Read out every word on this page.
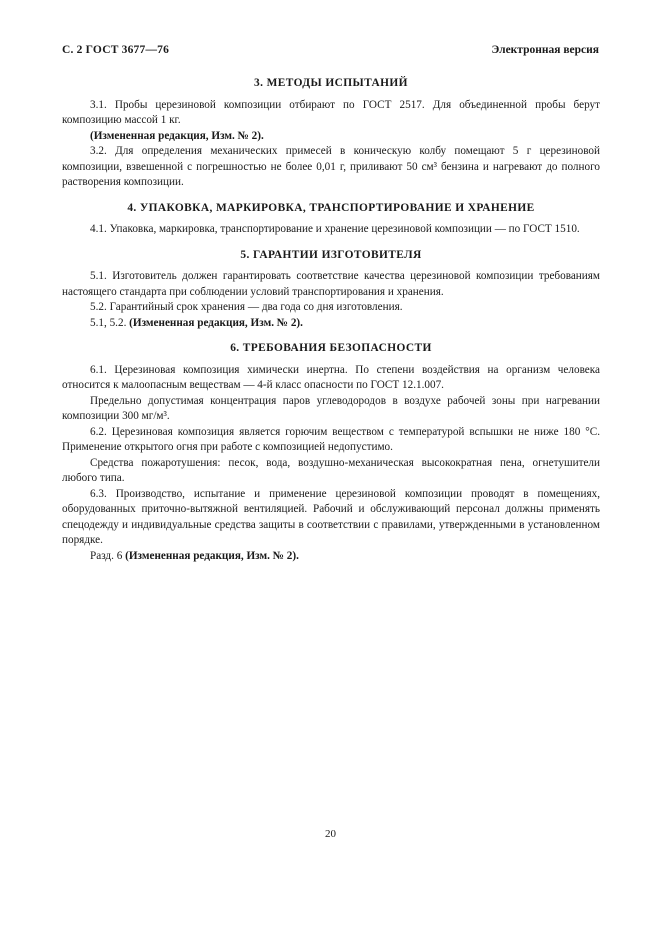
С. 2 ГОСТ 3677—76	Электронная версия
3. МЕТОДЫ ИСПЫТАНИЙ

3.1. Пробы церезиновой композиции отбирают по ГОСТ 2517. Для объединенной пробы берут композицию массой 1 кг.

(Измененная редакция, Изм. № 2).

3.2. Для определения механических примесей в коническую колбу помещают 5 г церезиновой композиции, взвешенной с погрешностью не более 0,01 г, приливают 50 см³ бензина и нагревают до полного растворения композиции.

4. УПАКОВКА, МАРКИРОВКА, ТРАНСПОРТИРОВАНИЕ И ХРАНЕНИЕ

4.1. Упаковка, маркировка, транспортирование и хранение церезиновой композиции — по ГОСТ 1510.

5. ГАРАНТИИ ИЗГОТОВИТЕЛЯ

5.1. Изготовитель должен гарантировать соответствие качества церезиновой композиции требованиям настоящего стандарта при соблюдении условий транспортирования и хранения.

5.2. Гарантийный срок хранения — два года со дня изготовления.

5.1, 5.2. (Измененная редакция, Изм. № 2).

6. ТРЕБОВАНИЯ БЕЗОПАСНОСТИ

6.1. Церезиновая композиция химически инертна. По степени воздействия на организм человека относится к малоопасным веществам — 4-й класс опасности по ГОСТ 12.1.007.

Предельно допустимая концентрация паров углеводородов в воздухе рабочей зоны при нагревании композиции 300 мг/м³.

6.2. Церезиновая композиция является горючим веществом с температурой вспышки не ниже 180 °С. Применение открытого огня при работе с композицией недопустимо.

Средства пожаротушения: песок, вода, воздушно-механическая высокократная пена, огнетушители любого типа.

6.3. Производство, испытание и применение церезиновой композиции проводят в помещениях, оборудованных приточно-вытяжной вентиляцией. Рабочий и обслуживающий персонал должны применять спецодежду и индивидуальные средства защиты в соответствии с правилами, утвержденными в установленном порядке.

Разд. 6 (Измененная редакция, Изм. № 2).

20
